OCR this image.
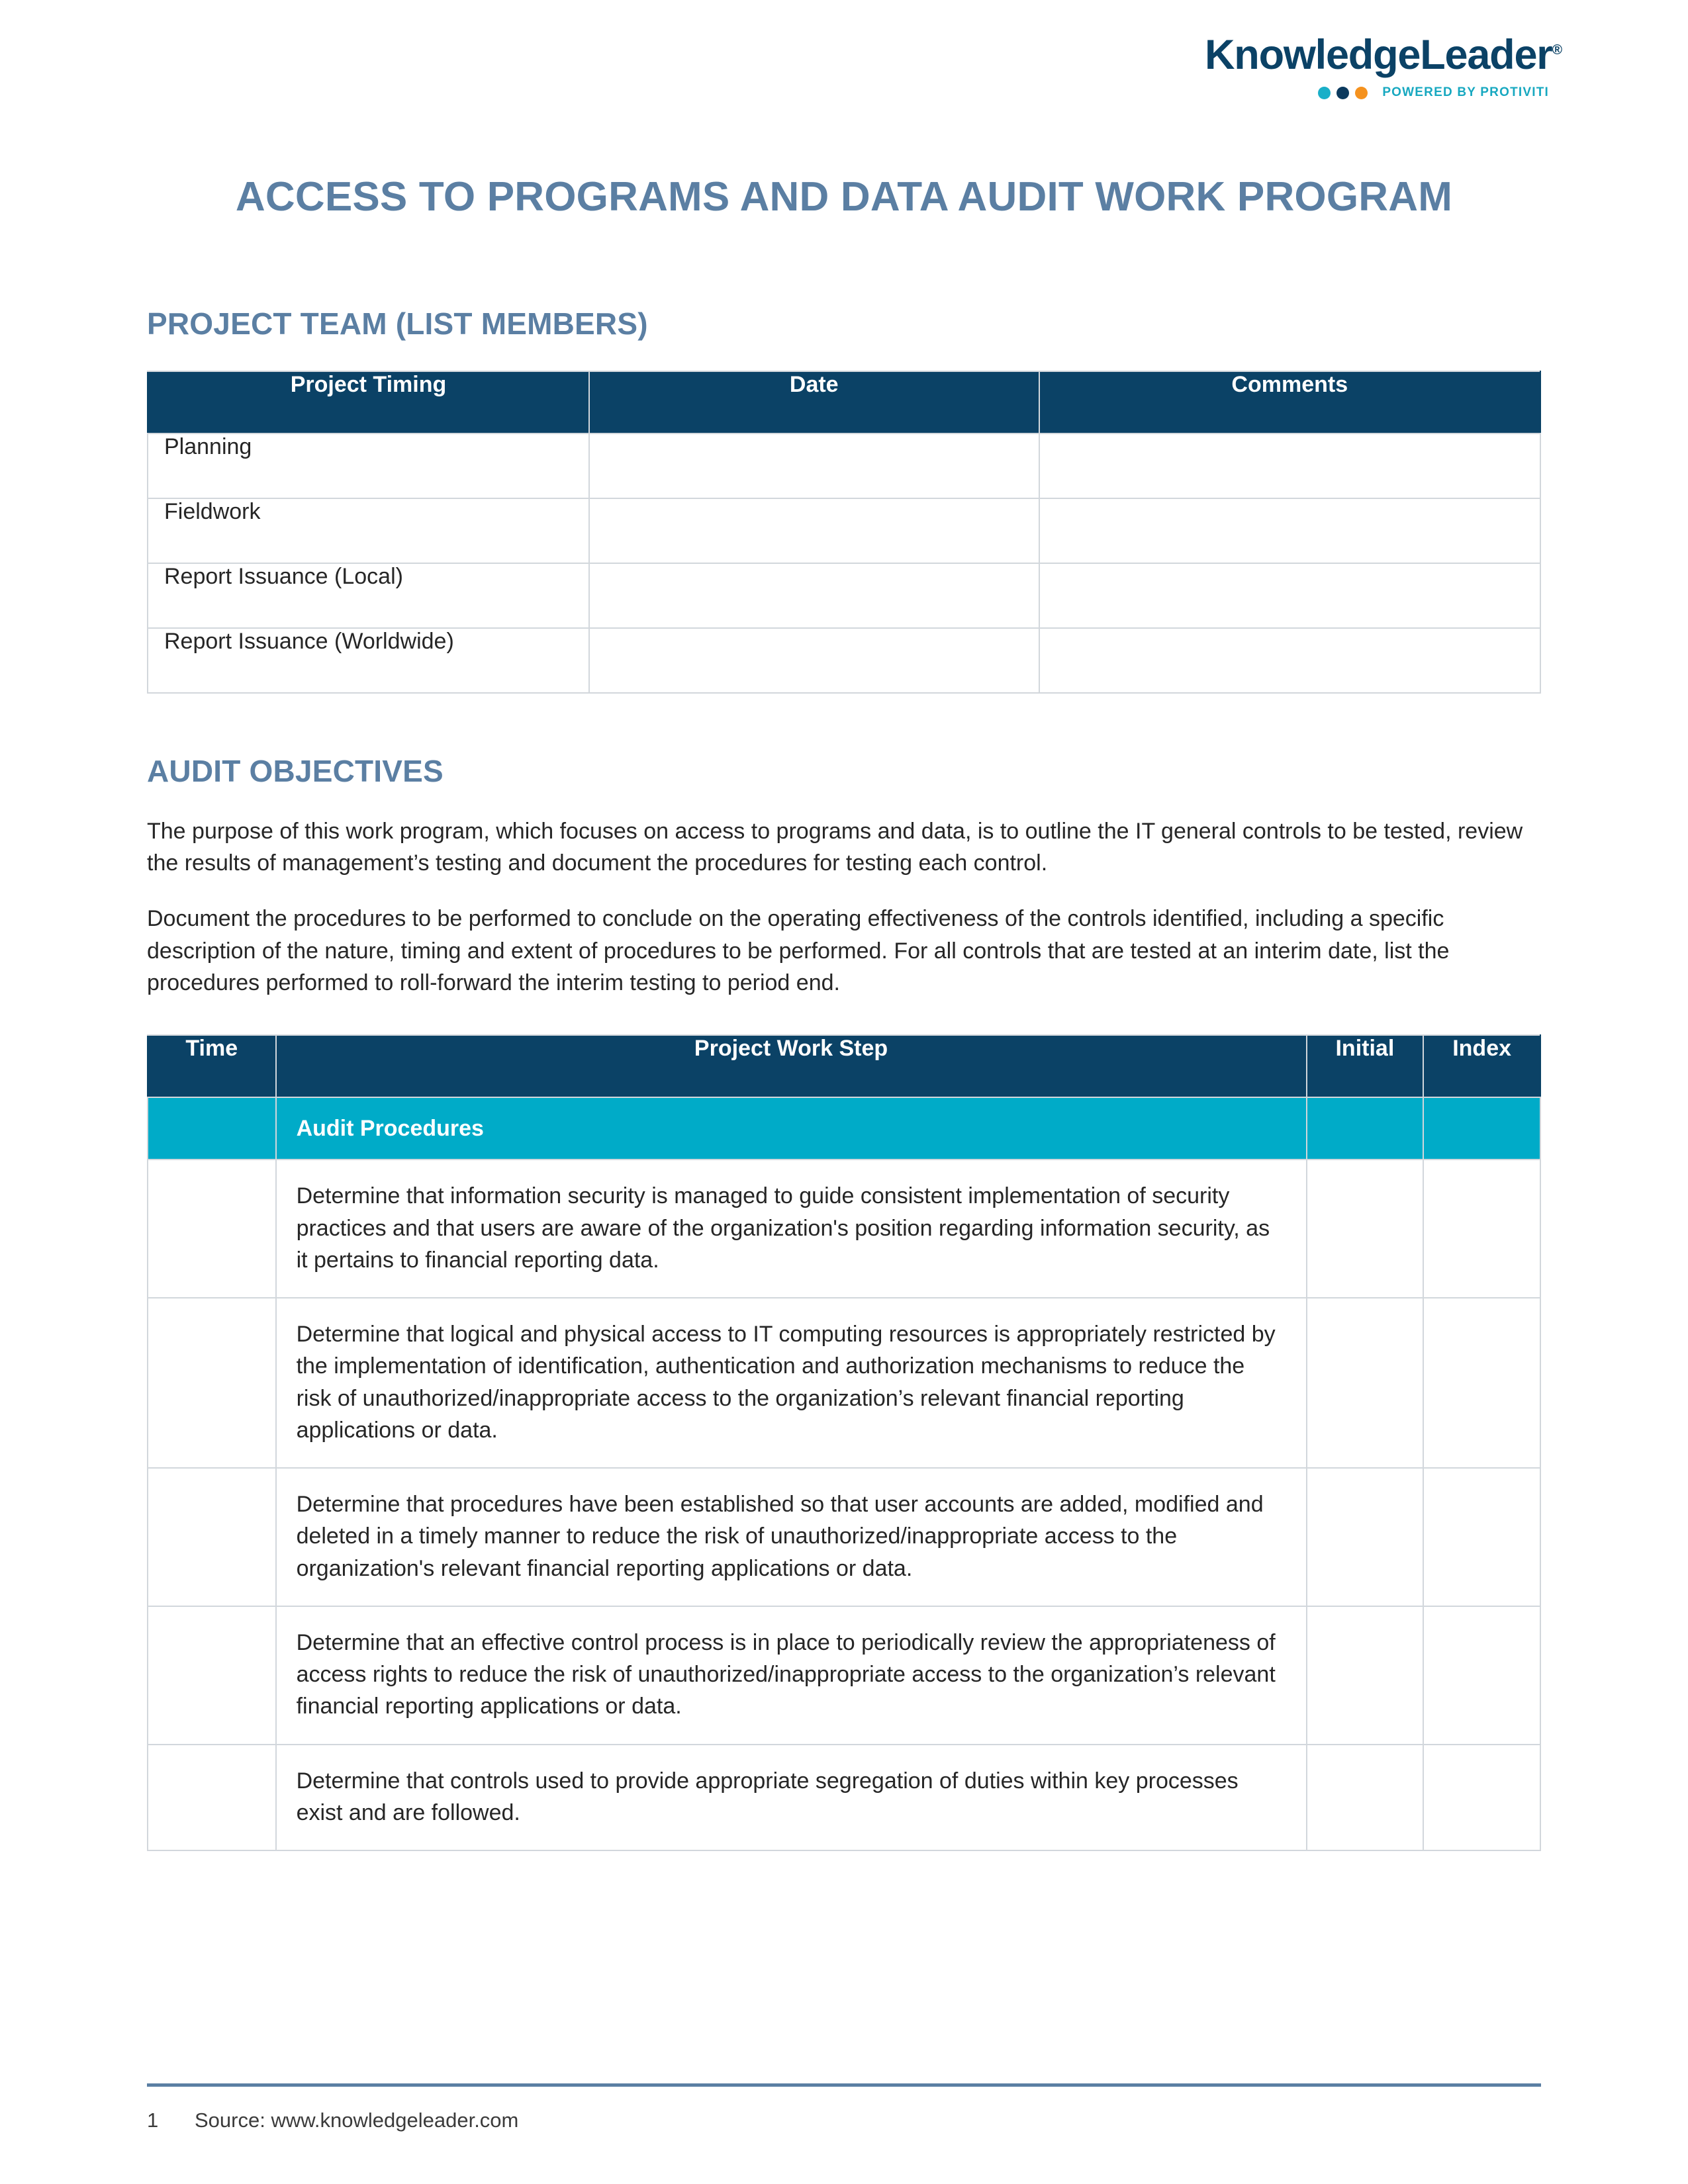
KnowledgeLeader®
POWERED BY PROTIVITI
ACCESS TO PROGRAMS AND DATA AUDIT WORK PROGRAM
PROJECT TEAM (LIST MEMBERS)
Project Timing	Date	Comments
Planning		
Fieldwork		
Report Issuance (Local)		
Report Issuance (Worldwide)		
AUDIT OBJECTIVES

The purpose of this work program, which focuses on access to programs and data, is to outline the IT general controls to be tested, review the results of management’s testing and document the procedures for testing each control.

Document the procedures to be performed to conclude on the operating effectiveness of the controls identified, including a specific description of the nature, timing and extent of procedures to be performed. For all controls that are tested at an interim date, list the procedures performed to roll-forward the interim testing to period end.

Time	Project Work Step	Initial	Index
	Audit Procedures		
	Determine that information security is managed to guide consistent implementation of security practices and that users are aware of the organization's position regarding information security, as it pertains to financial reporting data.		
	Determine that logical and physical access to IT computing resources is appropriately restricted by the implementation of identification, authentication and authorization mechanisms to reduce the risk of unauthorized/inappropriate access to the organization’s relevant financial reporting applications or data.		
	Determine that procedures have been established so that user accounts are added, modified and deleted in a timely manner to reduce the risk of unauthorized/inappropriate access to the organization's relevant financial reporting applications or data.		
	Determine that an effective control process is in place to periodically review the appropriateness of access rights to reduce the risk of unauthorized/inappropriate access to the organization’s relevant financial reporting applications or data.		
	Determine that controls used to provide appropriate segregation of duties within key processes exist and are followed.		
1	Source: www.knowledgeleader.com
